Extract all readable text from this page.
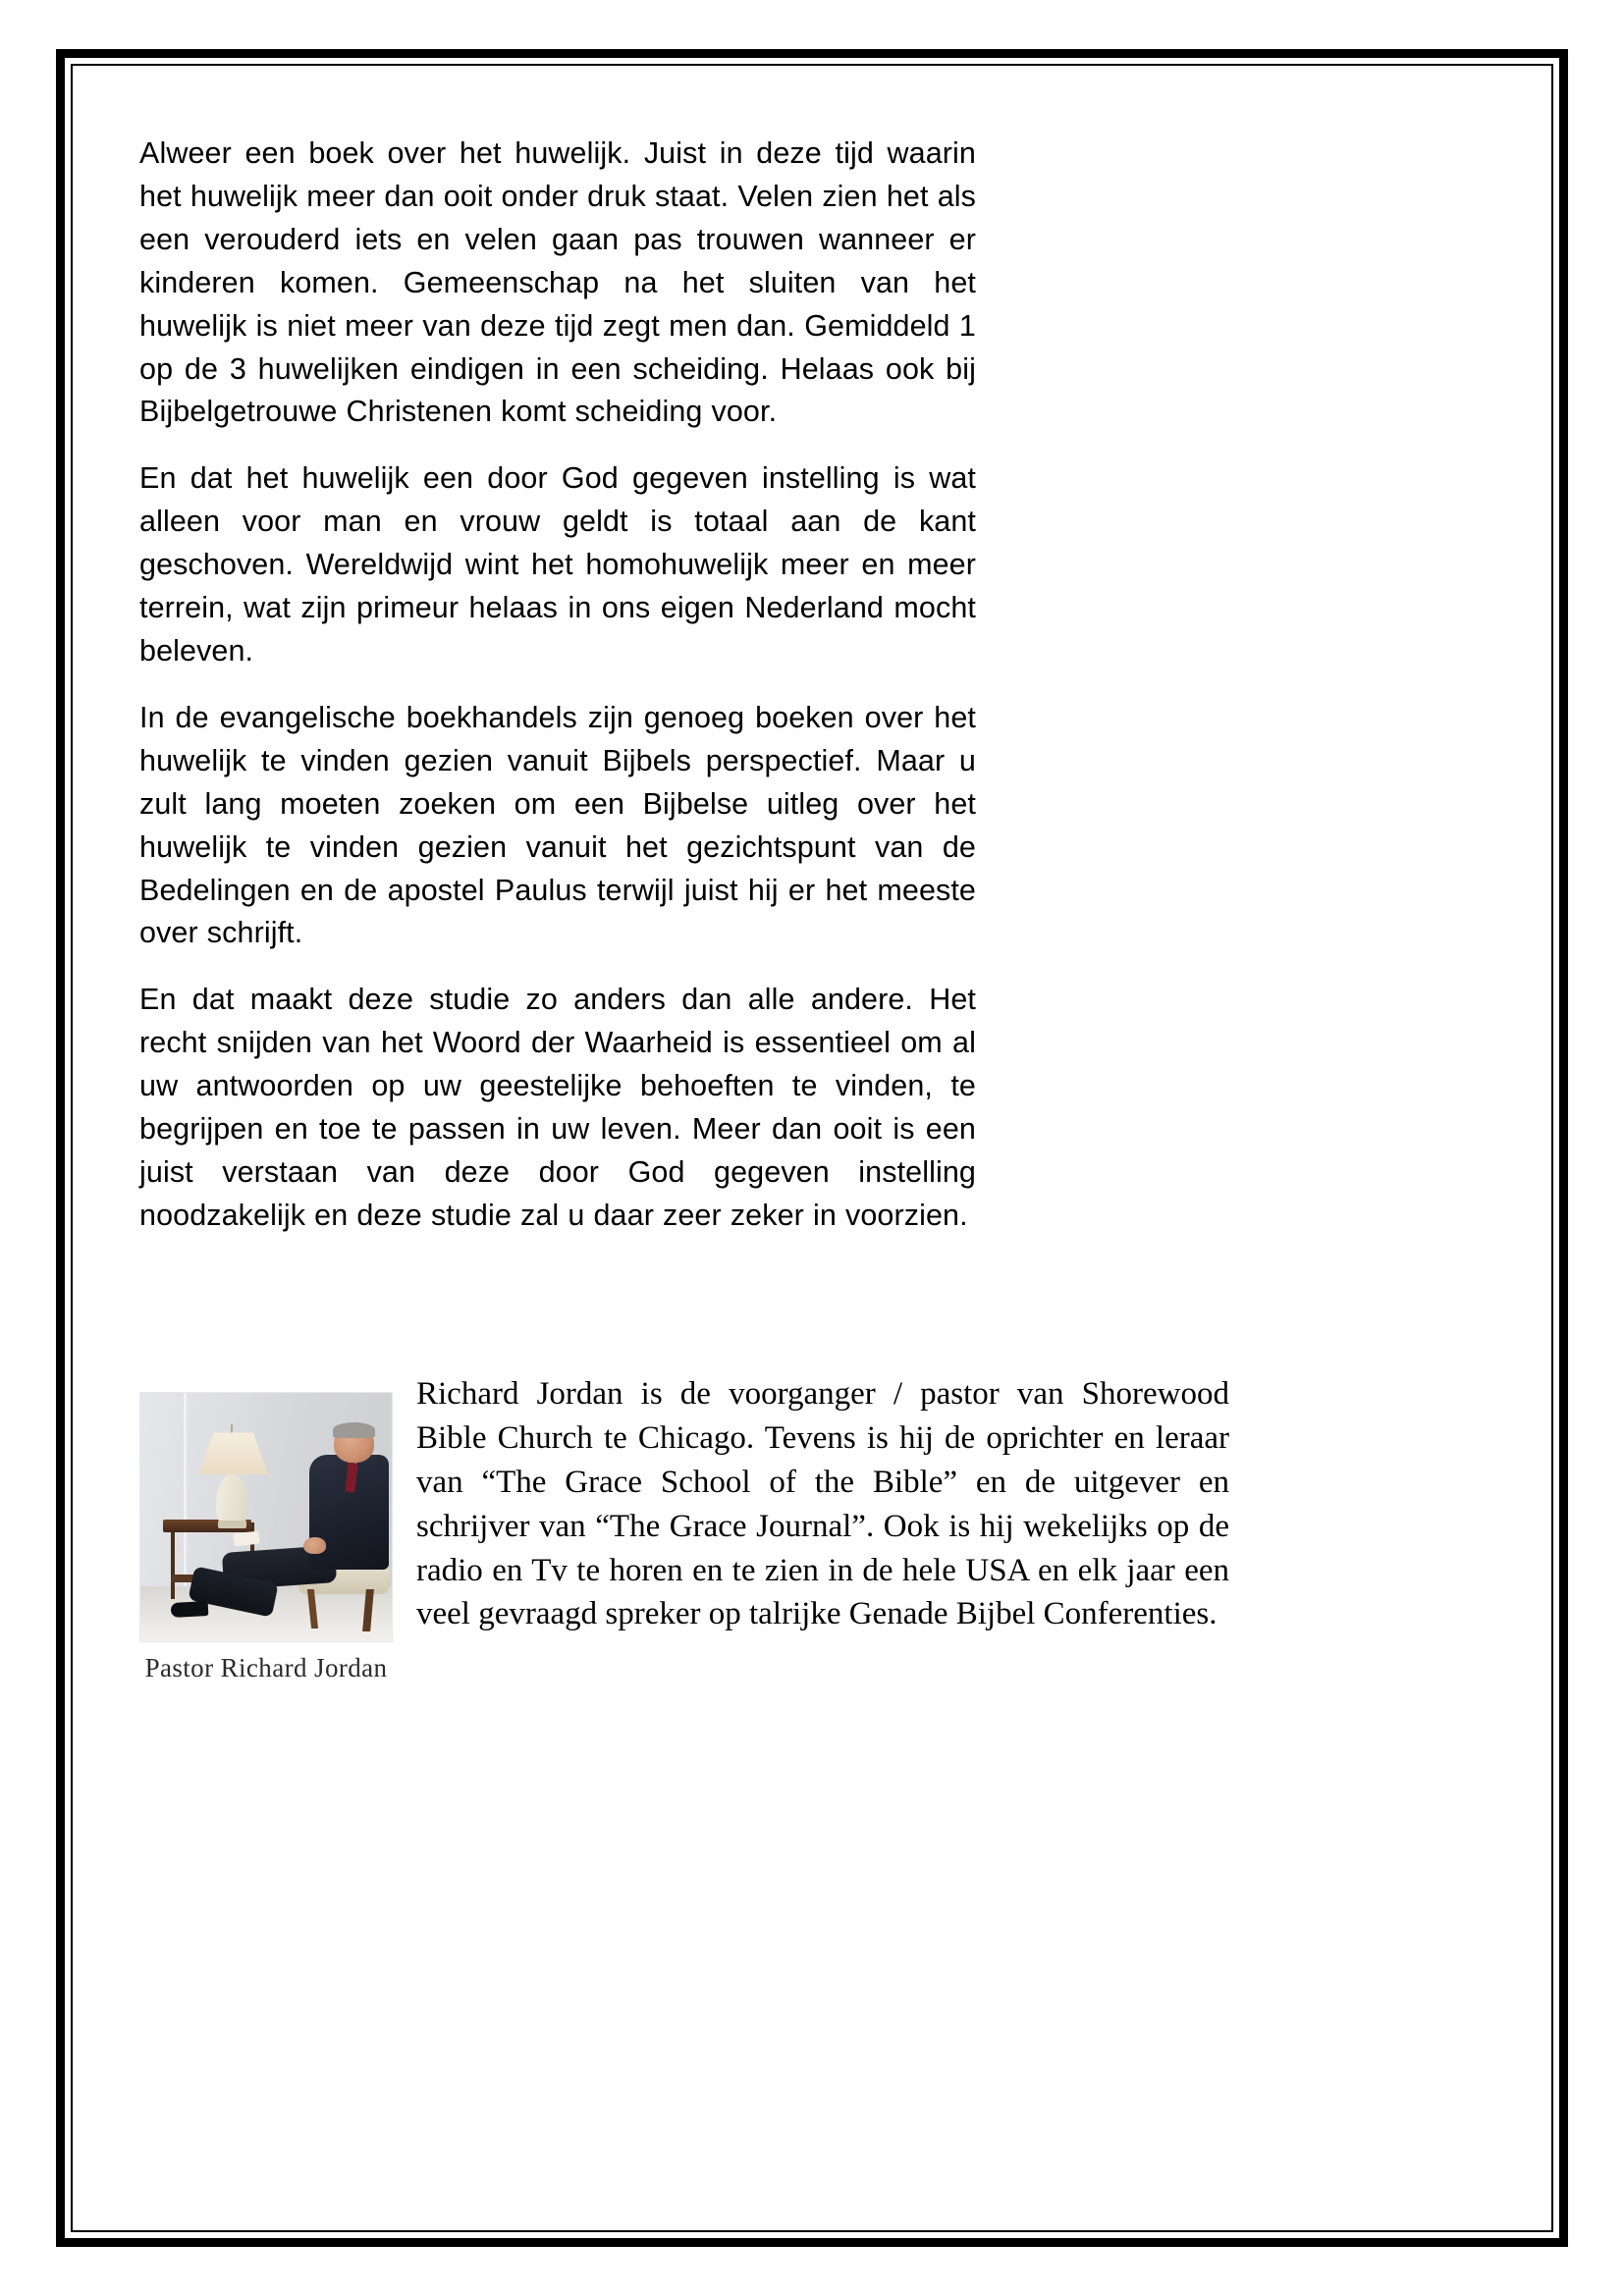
Alweer een boek over het huwelijk. Juist in deze tijd waarin het huwelijk meer dan ooit onder druk staat. Velen zien het als een verouderd iets en velen gaan pas trouwen wanneer er kinderen komen. Gemeenschap na het sluiten van het huwelijk is niet meer van deze tijd zegt men dan. Gemiddeld 1 op de 3 huwelijken eindigen in een scheiding. Helaas ook bij Bijbelgetrouwe Christenen komt scheiding voor.

En dat het huwelijk een door God gegeven instelling is wat alleen voor man en vrouw geldt is totaal aan de kant geschoven. Wereldwijd wint het homohuwelijk meer en meer terrein, wat zijn primeur helaas in ons eigen Nederland mocht beleven.

In de evangelische boekhandels zijn genoeg boeken over het huwelijk te vinden gezien vanuit Bijbels perspectief. Maar u zult lang moeten zoeken om een Bijbelse uitleg over het huwelijk te vinden gezien vanuit het gezichtspunt van de Bedelingen en de apostel Paulus terwijl juist hij er het meeste over schrijft.

En dat maakt deze studie zo anders dan alle andere. Het recht snijden van het Woord der Waarheid is essentieel om al uw antwoorden op uw geestelijke behoeften te vinden, te begrijpen en toe te passen in uw leven. Meer dan ooit is een juist verstaan van deze door God gegeven instelling noodzakelijk en deze studie zal u daar zeer zeker in voorzien.

Pastor Richard Jordan

Richard Jordan is de voorganger / pastor van Shorewood Bible Church te Chicago. Tevens is hij de oprichter en leraar van “The Grace School of the Bible” en de uitgever en schrijver van “The Grace Journal”. Ook is hij wekelijks op de radio en Tv te horen en te zien in de hele USA en elk jaar een veel gevraagd spreker op talrijke Genade Bijbel Conferenties.
